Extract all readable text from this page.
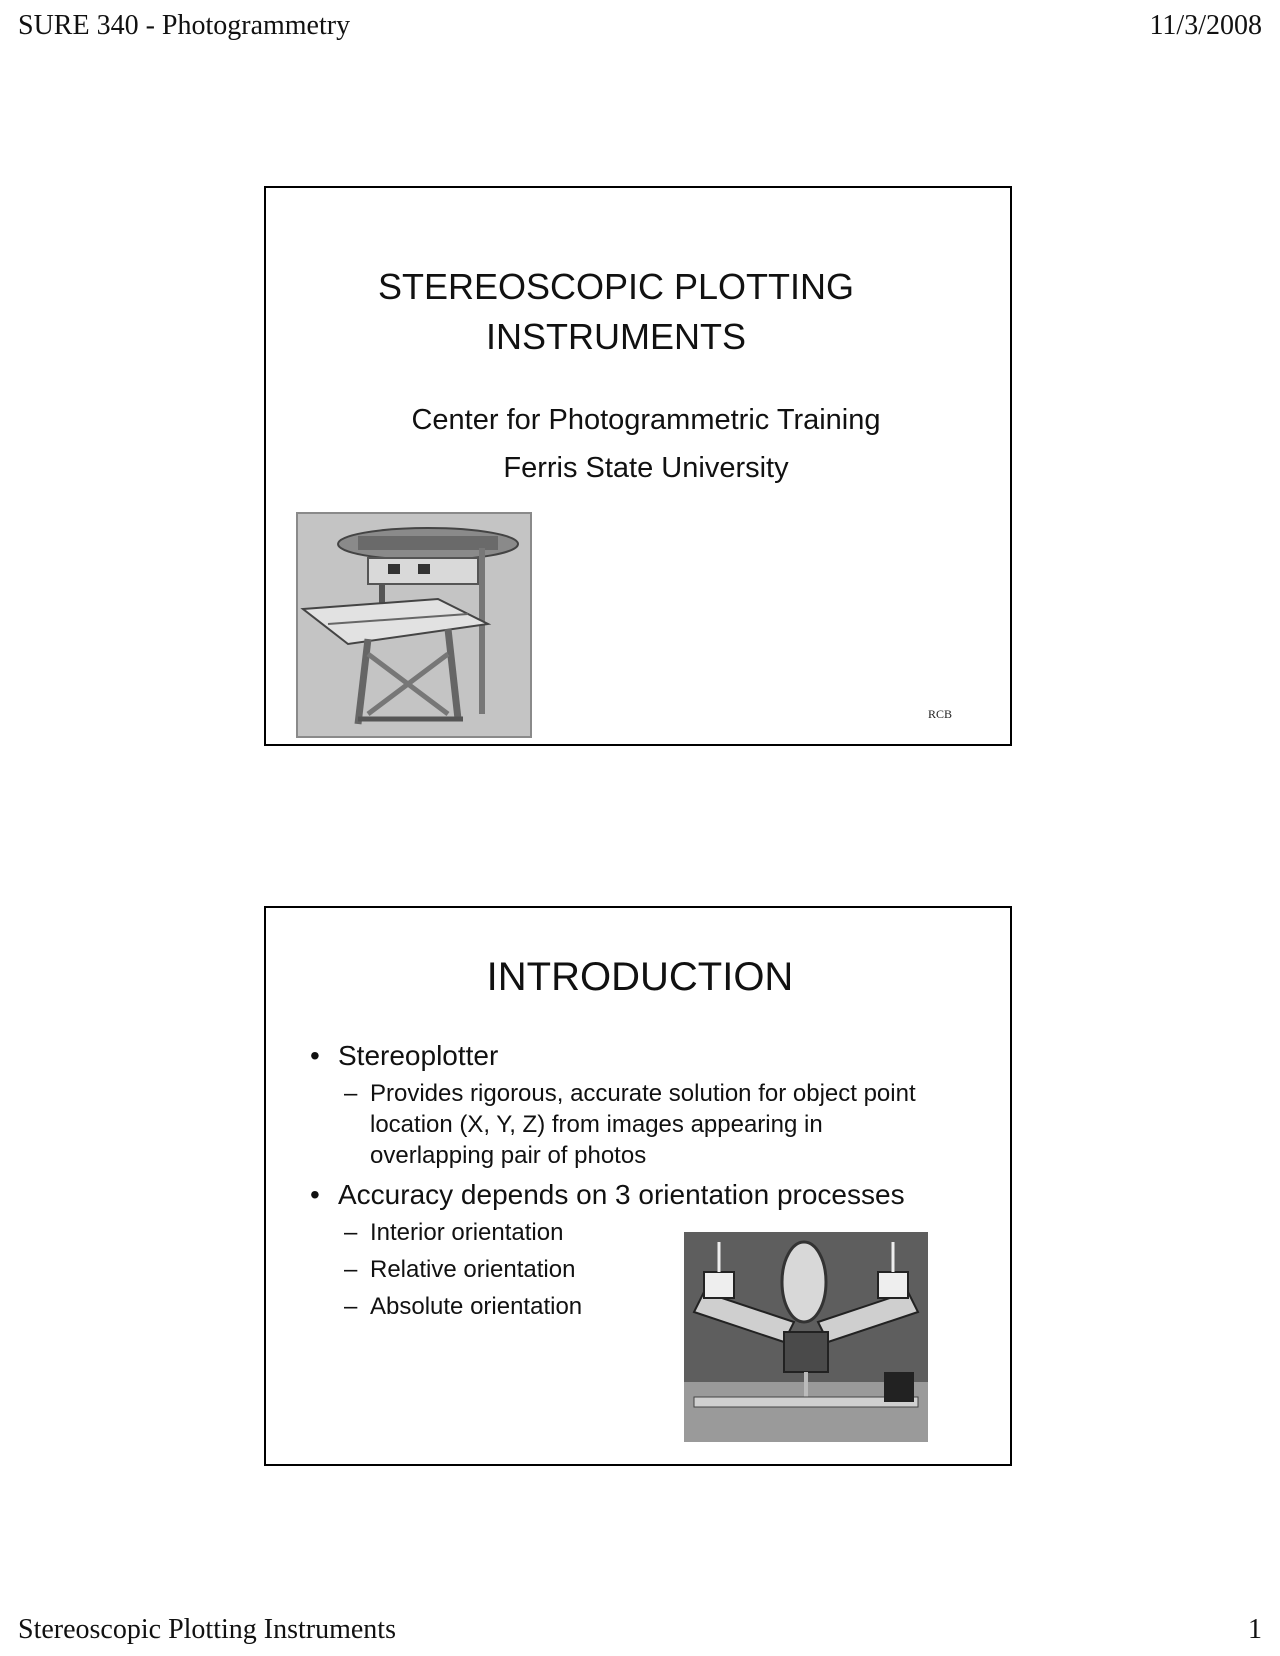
SURE 340 - Photogrammetry	11/3/2008
STEREOSCOPIC PLOTTING INSTRUMENTS
Center for Photogrammetric Training
Ferris State University
RCB
INTRODUCTION
• Stereoplotter
– Provides rigorous, accurate solution for object point location (X, Y, Z) from images appearing in overlapping pair of photos
• Accuracy depends on 3 orientation processes
– Interior orientation
– Relative orientation
– Absolute orientation
Stereoscopic Plotting Instruments	1
